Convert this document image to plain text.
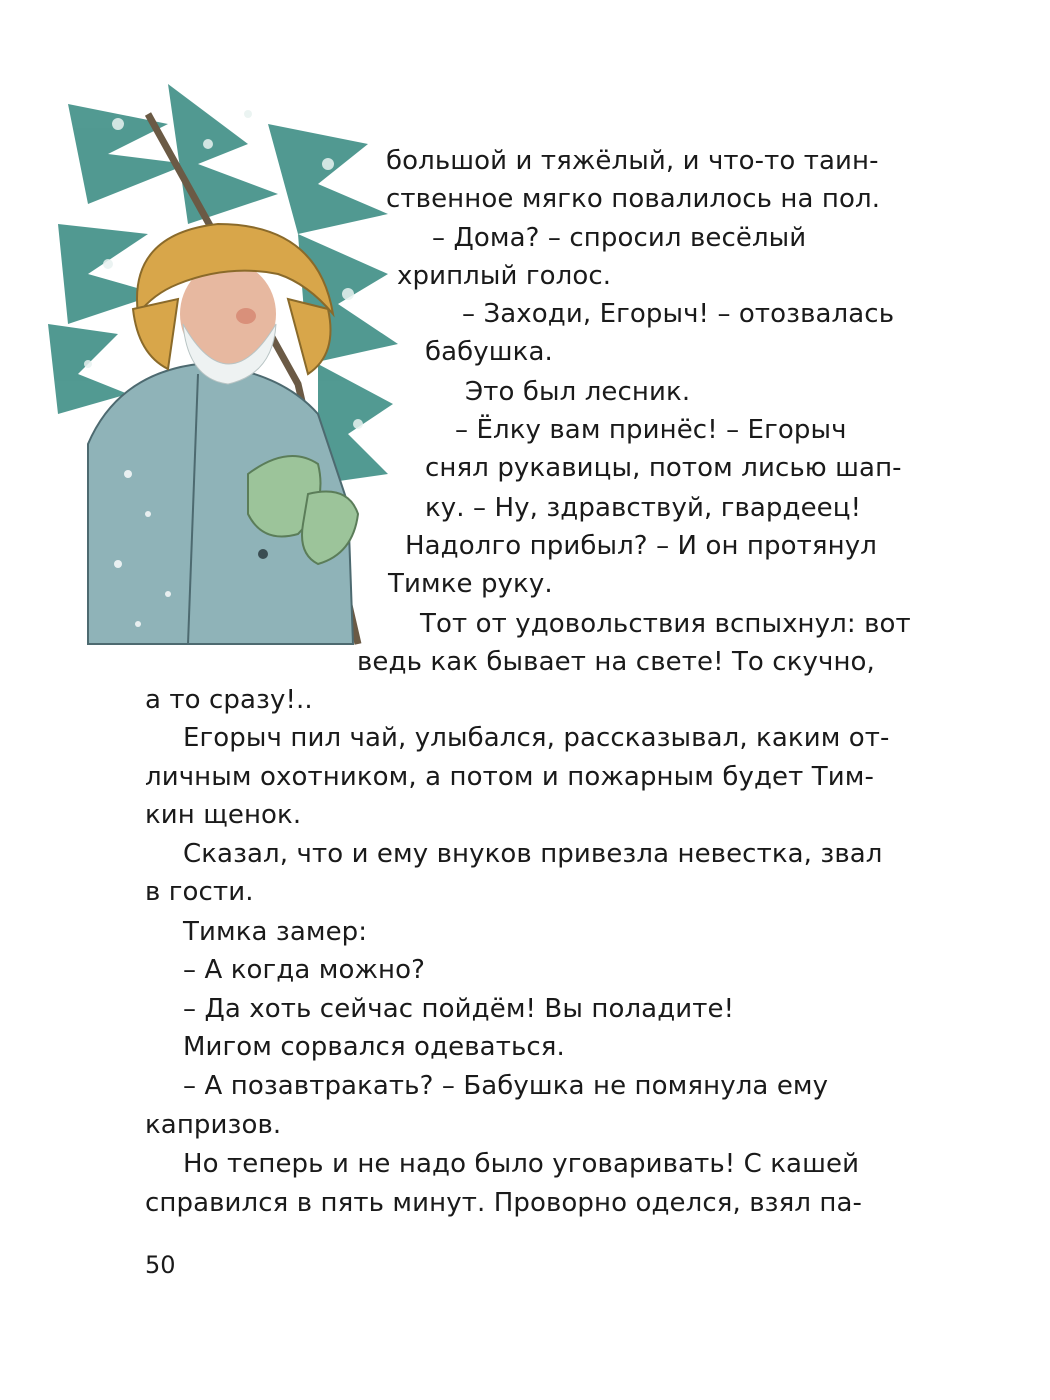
большой и тяжёлый, и что-то таин-
ственное мягко повалилось на пол.
– Дома? – спросил весёлый
хриплый голос.
– Заходи, Егорыч! – отозвалась
бабушка.
Это был лесник.
– Ёлку вам принёс! – Егорыч
снял рукавицы, потом лисью шап-
ку. – Ну, здравствуй, гвардеец!
Надолго прибыл? – И он протянул
Тимке руку.
Тот от удовольствия вспыхнул: вот
ведь как бывает на свете! То скучно,
а то сразу!..
Егорыч пил чай, улыбался, рассказывал, каким от-
личным охотником, а потом и пожарным будет Тим-
кин щенок.
Сказал, что и ему внуков привезла невестка, звал
в гости.
Тимка замер:
– А когда можно?
– Да хоть сейчас пойдём! Вы поладите!
Мигом сорвался одеваться.
– А позавтракать? – Бабушка не помянула ему
капризов.
Но теперь и не надо было уговаривать! С кашей
справился в пять минут. Проворно оделся, взял па-
50
